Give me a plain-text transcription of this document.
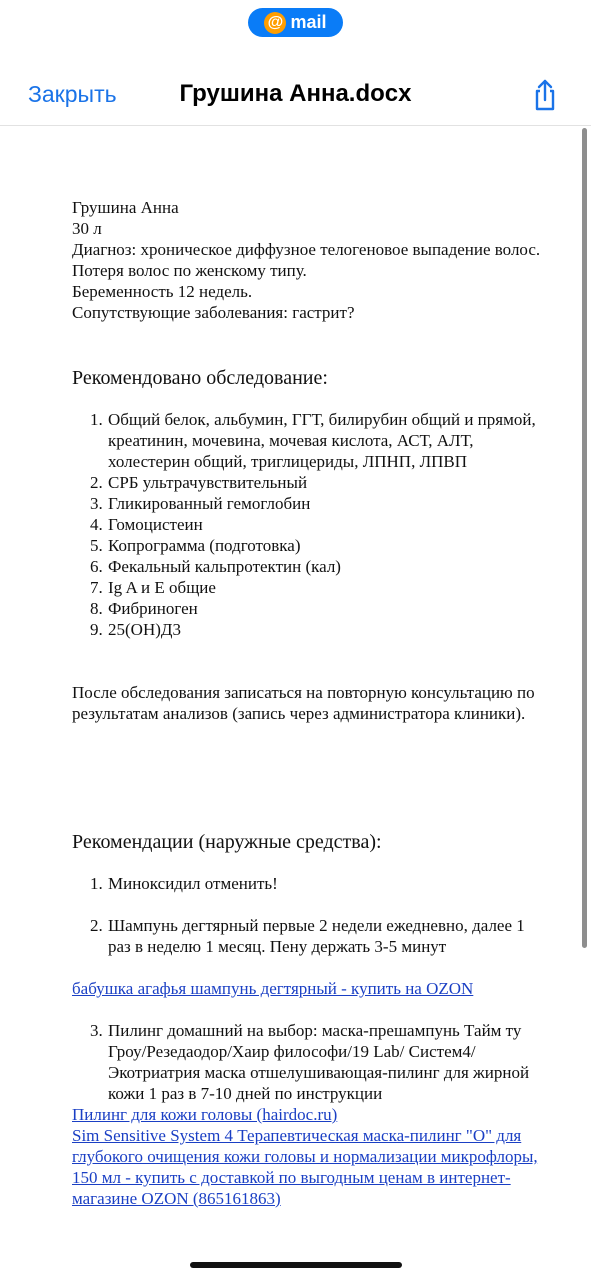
@ mail
Закрыть	Грушина Анна.docx

Грушина Анна

30 л

Диагноз: хроническое диффузное телогеновое выпадение волос. Потеря волос по женскому типу.

Беременность 12 недель.

Сопутствующие заболевания: гастрит?

Рекомендовано обследование:

1. Общий белок, альбумин, ГГТ, билирубин общий и прямой, креатинин, мочевина, мочевая кислота, АСТ, АЛТ, холестерин общий, триглицериды, ЛПНП, ЛПВП
2. СРБ ультрачувствительный
3. Гликированный гемоглобин
4. Гомоцистеин
5. Копрограмма (подготовка)
6. Фекальный кальпротектин (кал)
7. Ig A и E общие
8. Фибриноген
9. 25(OH)Д3

После обследования записаться на повторную консультацию по результатам анализов (запись через администратора клиники).

Рекомендации (наружные средства):

1. Миноксидил отменить!
2. Шампунь дегтярный первые 2 недели ежедневно, далее 1 раз в неделю 1 месяц. Пену держать 3-5 минут

бабушка агафья шампунь дегтярный - купить на OZON

3. Пилинг домашний на выбор: маска-прешампунь Тайм ту Гроу/Резедаодор/Хаир философи/19 Lab/ Систем4/Экотриатрия маска отшелушивающая-пилинг для жирной кожи 1 раз в 7-10 дней по инструкции

Пилинг для кожи головы (hairdoc.ru)

Sim Sensitive System 4 Терапевтическая маска-пилинг "О" для глубокого очищения кожи головы и нормализации микрофлоры, 150 мл - купить с доставкой по выгодным ценам в интернет-магазине OZON (865161863)
